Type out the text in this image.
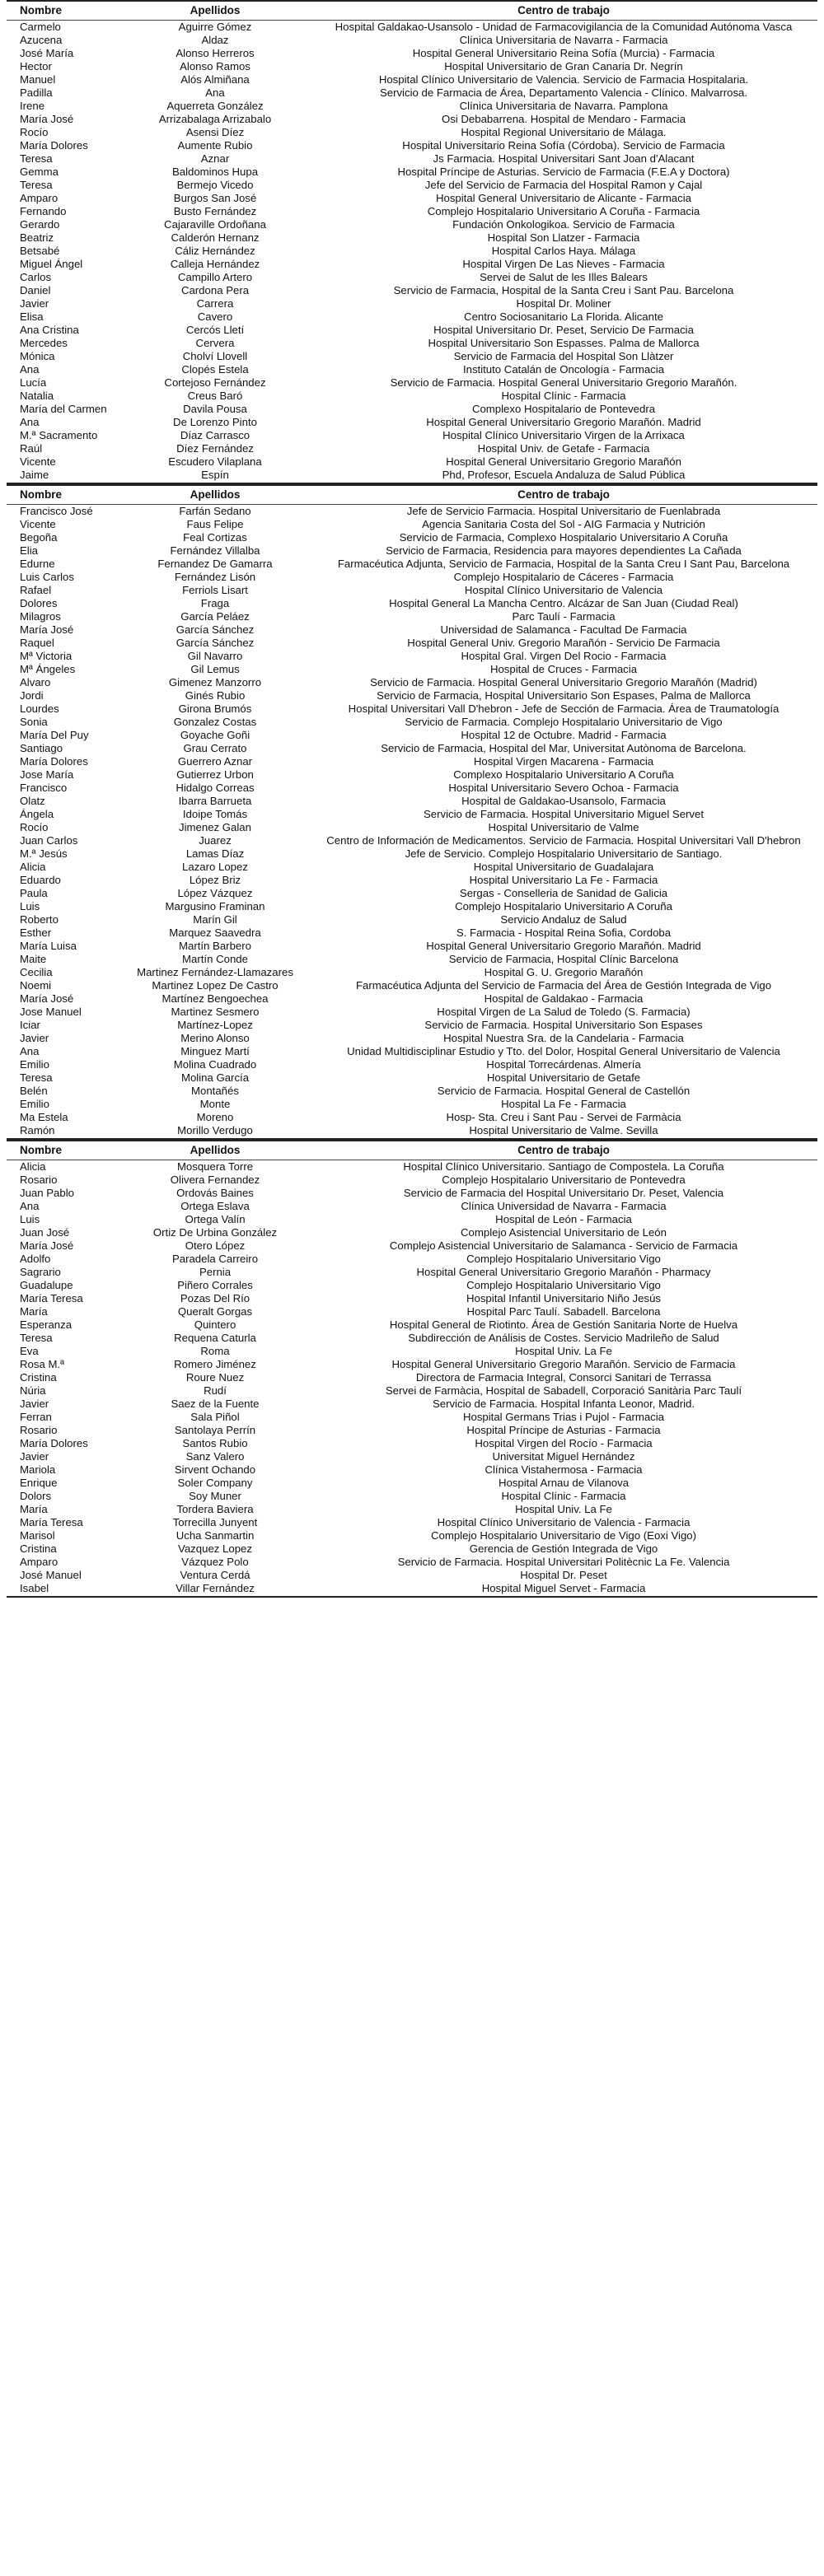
Nombre	Apellidos	Centro de trabajo
Carmelo	Aguirre Gómez	Hospital Galdakao-Usansolo - Unidad de Farmacovigilancia de la Comunidad Autónoma Vasca
Azucena	Aldaz	Clínica Universitaria de Navarra - Farmacia
José María	Alonso Herreros	Hospital General Universitario Reina Sofía (Murcia) - Farmacia
Hector	Alonso Ramos	Hospital Universitario de Gran Canaria Dr. Negrín
Manuel	Alós Almiñana	Hospital Clínico Universitario de Valencia. Servicio de Farmacia Hospitalaria.
Padilla	Ana	Servicio de Farmacia de Área, Departamento Valencia - Clínico. Malvarrosa.
Irene	Aquerreta González	Clínica Universitaria de Navarra. Pamplona
María José	Arrizabalaga Arrizabalo	Osi Debabarrena. Hospital de Mendaro - Farmacia
Rocío	Asensi Díez	Hospital Regional Universitario de Málaga.
María Dolores	Aumente Rubio	Hospital Universitario Reina Sofía (Córdoba). Servicio de Farmacia
Teresa	Aznar	Js Farmacia. Hospital Universitari Sant Joan d'Alacant
Gemma	Baldominos Hupa	Hospital Príncipe de Asturias. Servicio de Farmacia (F.E.A y Doctora)
Teresa	Bermejo Vicedo	Jefe del Servicio de Farmacia del Hospital Ramon y Cajal
Amparo	Burgos San José	Hospital General Universitario de Alicante - Farmacia
Fernando	Busto Fernández	Complejo Hospitalario Universitario A Coruña - Farmacia
Gerardo	Cajaraville Ordoñana	Fundación Onkologikoa. Servicio de Farmacia
Beatriz	Calderón Hernanz	Hospital Son Llatzer - Farmacia
Betsabé	Cáliz Hernández	Hospital Carlos Haya. Málaga
Miguel Ángel	Calleja Hernández	Hospital Virgen De Las Nieves - Farmacia
Carlos	Campillo Artero	Servei de Salut de les Illes Balears
Daniel	Cardona Pera	Servicio de Farmacia, Hospital de la Santa Creu i Sant Pau. Barcelona
Javier	Carrera	Hospital Dr. Moliner
Elisa	Cavero	Centro Sociosanitario La Florida. Alicante
Ana Cristina	Cercós Lletí	Hospital Universitario Dr. Peset, Servicio De Farmacia
Mercedes	Cervera	Hospital Universitario Son Espasses. Palma de Mallorca
Mónica	Cholví Llovell	Servicio de Farmacia del Hospital Son Llàtzer
Ana	Clopés Estela	Instituto Catalán de Oncología - Farmacia
Lucía	Cortejoso Fernández	Servicio de Farmacia. Hospital General Universitario Gregorio Marañón.
Natalia	Creus Baró	Hospital Clínic - Farmacia
María del Carmen	Davila Pousa	Complexo Hospitalario de Pontevedra
Ana	De Lorenzo Pinto	Hospital General Universitario Gregorio Marañón. Madrid
M.ª Sacramento	Díaz Carrasco	Hospital Clínico Universitario Virgen de la Arrixaca
Raúl	Díez Fernández	Hospital Univ. de Getafe - Farmacia
Vicente	Escudero Vilaplana	Hospital General Universitario Gregorio Marañón
Jaime	Espín	Phd, Profesor, Escuela Andaluza de Salud Pública
Nombre	Apellidos	Centro de trabajo
Francisco José	Farfán Sedano	Jefe de Servicio Farmacia. Hospital Universitario de Fuenlabrada
Vicente	Faus Felipe	Agencia Sanitaria Costa del Sol - AIG Farmacia y Nutrición
Begoña	Feal Cortizas	Servicio de Farmacia, Complexo Hospitalario Universitario A Coruña
Elia	Fernández Villalba	Servicio de Farmacia, Residencia para mayores dependientes La Cañada
Edurne	Fernandez De Gamarra	Farmacéutica Adjunta, Servicio de Farmacia, Hospital de la Santa Creu I Sant Pau, Barcelona
Luis Carlos	Fernández Lisón	Complejo Hospitalario de Cáceres - Farmacia
Rafael	Ferriols Lisart	Hospital Clínico Universitario de Valencia
Dolores	Fraga	Hospital General La Mancha Centro. Alcázar de San Juan (Ciudad Real)
Milagros	García Peláez	Parc Taulí - Farmacia
María José	García Sánchez	Universidad de Salamanca - Facultad De Farmacia
Raquel	García Sánchez	Hospital General Univ. Gregorio Marañón - Servicio De Farmacia
Mª Victoria	Gil Navarro	Hospital Gral. Virgen Del Rocio - Farmacia
Mª Ángeles	Gil Lemus	Hospital de Cruces - Farmacia
Alvaro	Gimenez Manzorro	Servicio de Farmacia. Hospital General Universitario Gregorio Marañón (Madrid)
Jordi	Ginés Rubio	Servicio de Farmacia, Hospital Universitario Son Espases, Palma de Mallorca
Lourdes	Girona Brumós	Hospital Universitari Vall D'hebron - Jefe de Sección de Farmacia. Área de Traumatología
Sonia	Gonzalez Costas	Servicio de Farmacia. Complejo Hospitalario Universitario de Vigo
María Del Puy	Goyache Goñi	Hospital 12 de Octubre. Madrid - Farmacia
Santiago	Grau Cerrato	Servicio de Farmacia, Hospital del Mar, Universitat Autònoma de Barcelona.
María Dolores	Guerrero Aznar	Hospital Virgen Macarena - Farmacia
Jose María	Gutierrez Urbon	Complexo Hospitalario Universitario A Coruña
Francisco	Hidalgo Correas	Hospital Universitario Severo Ochoa - Farmacia
Olatz	Ibarra Barrueta	Hospital de Galdakao-Usansolo, Farmacia
Ángela	Idoipe Tomás	Servicio de Farmacia. Hospital Universitario Miguel Servet
Rocío	Jimenez Galan	Hospital Universitario de Valme
Juan Carlos	Juarez	Centro de Información de Medicamentos. Servicio de Farmacia. Hospital Universitari Vall D'hebron
M.ª Jesús	Lamas Díaz	Jefe de Servicio. Complejo Hospitalario Universitario de Santiago.
Alicia	Lazaro Lopez	Hospital Universitario de Guadalajara
Eduardo	López Briz	Hospital Universitario La Fe - Farmacia
Paula	López Vázquez	Sergas - Conselleria de Sanidad de Galicia
Luis	Margusino Framinan	Complejo Hospitalario Universitario A Coruña
Roberto	Marín Gil	Servicio Andaluz de Salud
Esther	Marquez Saavedra	S. Farmacia - Hospital Reina Sofia, Cordoba
María Luisa	Martín Barbero	Hospital General Universitario Gregorio Marañón. Madrid
Maite	Martín Conde	Servicio de Farmacia, Hospital Clínic Barcelona
Cecilia	Martinez Fernández-Llamazares	Hospital G. U. Gregorio Marañón
Noemi	Martinez Lopez De Castro	Farmacéutica Adjunta del Servicio de Farmacia del Área de Gestión Integrada de Vigo
María José	Martínez Bengoechea	Hospital de Galdakao - Farmacia
Jose Manuel	Martinez Sesmero	Hospital Virgen de La Salud de Toledo (S. Farmacia)
Iciar	Martínez-Lopez	Servicio de Farmacia. Hospital Universitario Son Espases
Javier	Merino Alonso	Hospital Nuestra Sra. de la Candelaria - Farmacia
Ana	Minguez Martí	Unidad Multidisciplinar Estudio y Tto. del Dolor, Hospital General Universitario de Valencia
Emilio	Molina Cuadrado	Hospital Torrecárdenas. Almería
Teresa	Molina García	Hospital Universitario de Getafe
Belén	Montañés	Servicio de Farmacia. Hospital General de Castellón
Emilio	Monte	Hospital La Fe - Farmacia
Ma Estela	Moreno	Hosp- Sta. Creu i Sant Pau - Servei de Farmàcia
Ramón	Morillo Verdugo	Hospital Universitario de Valme. Sevilla
Nombre	Apellidos	Centro de trabajo
Alicia	Mosquera Torre	Hospital Clínico Universitario. Santiago de Compostela. La Coruña
Rosario	Olivera Fernandez	Complejo Hospitalario Universitario de Pontevedra
Juan Pablo	Ordovás Baines	Servicio de Farmacia del Hospital Universitario Dr. Peset, Valencia
Ana	Ortega Eslava	Clínica Universidad de Navarra - Farmacia
Luis	Ortega Valín	Hospital de León - Farmacia
Juan José	Ortiz De Urbina González	Complejo Asistencial Universitario de León
María José	Otero López	Complejo Asistencial Universitario de Salamanca - Servicio de Farmacia
Adolfo	Paradela Carreiro	Complejo Hospitalario Universitario Vigo
Sagrario	Pernia	Hospital General Universitario Gregorio Marañón - Pharmacy
Guadalupe	Piñero Corrales	Complejo Hospitalario Universitario Vigo
María Teresa	Pozas Del Río	Hospital Infantil Universitario Niño Jesús
María	Queralt Gorgas	Hospital Parc Taulí. Sabadell. Barcelona
Esperanza	Quintero	Hospital General de Riotinto. Área de Gestión Sanitaria Norte de Huelva
Teresa	Requena Caturla	Subdirección de Análisis de Costes. Servicio Madrileño de Salud
Eva	Roma	Hospital Univ. La Fe
Rosa M.ª	Romero Jiménez	Hospital General Universitario Gregorio Marañón. Servicio de Farmacia
Cristina	Roure Nuez	Directora de Farmacia Integral, Consorci Sanitari de Terrassa
Núria	Rudí	Servei de Farmàcia, Hospital de Sabadell, Corporació Sanitària Parc Taulí
Javier	Saez de la Fuente	Servicio de Farmacia. Hospital Infanta Leonor, Madrid.
Ferran	Sala Piñol	Hospital Germans Trias i Pujol - Farmacia
Rosario	Santolaya Perrín	Hospital Príncipe de Asturias - Farmacia
María Dolores	Santos Rubio	Hospital Virgen del Rocío - Farmacia
Javier	Sanz Valero	Universitat Miguel Hernández
Mariola	Sirvent Ochando	Clínica Vistahermosa - Farmacia
Enrique	Soler Company	Hospital Arnau de Vilanova
Dolors	Soy Muner	Hospital Clínic - Farmacia
María	Tordera Baviera	Hospital Univ. La Fe
María Teresa	Torrecilla Junyent	Hospital Clínico Universitario de Valencia - Farmacia
Marisol	Ucha Sanmartin	Complejo Hospitalario Universitario de Vigo (Eoxi Vigo)
Cristina	Vazquez Lopez	Gerencia de Gestión Integrada de Vigo
Amparo	Vázquez Polo	Servicio de Farmacia. Hospital Universitari Politècnic La Fe. Valencia
José Manuel	Ventura Cerdá	Hospital Dr. Peset
Isabel	Villar Fernández	Hospital Miguel Servet - Farmacia
